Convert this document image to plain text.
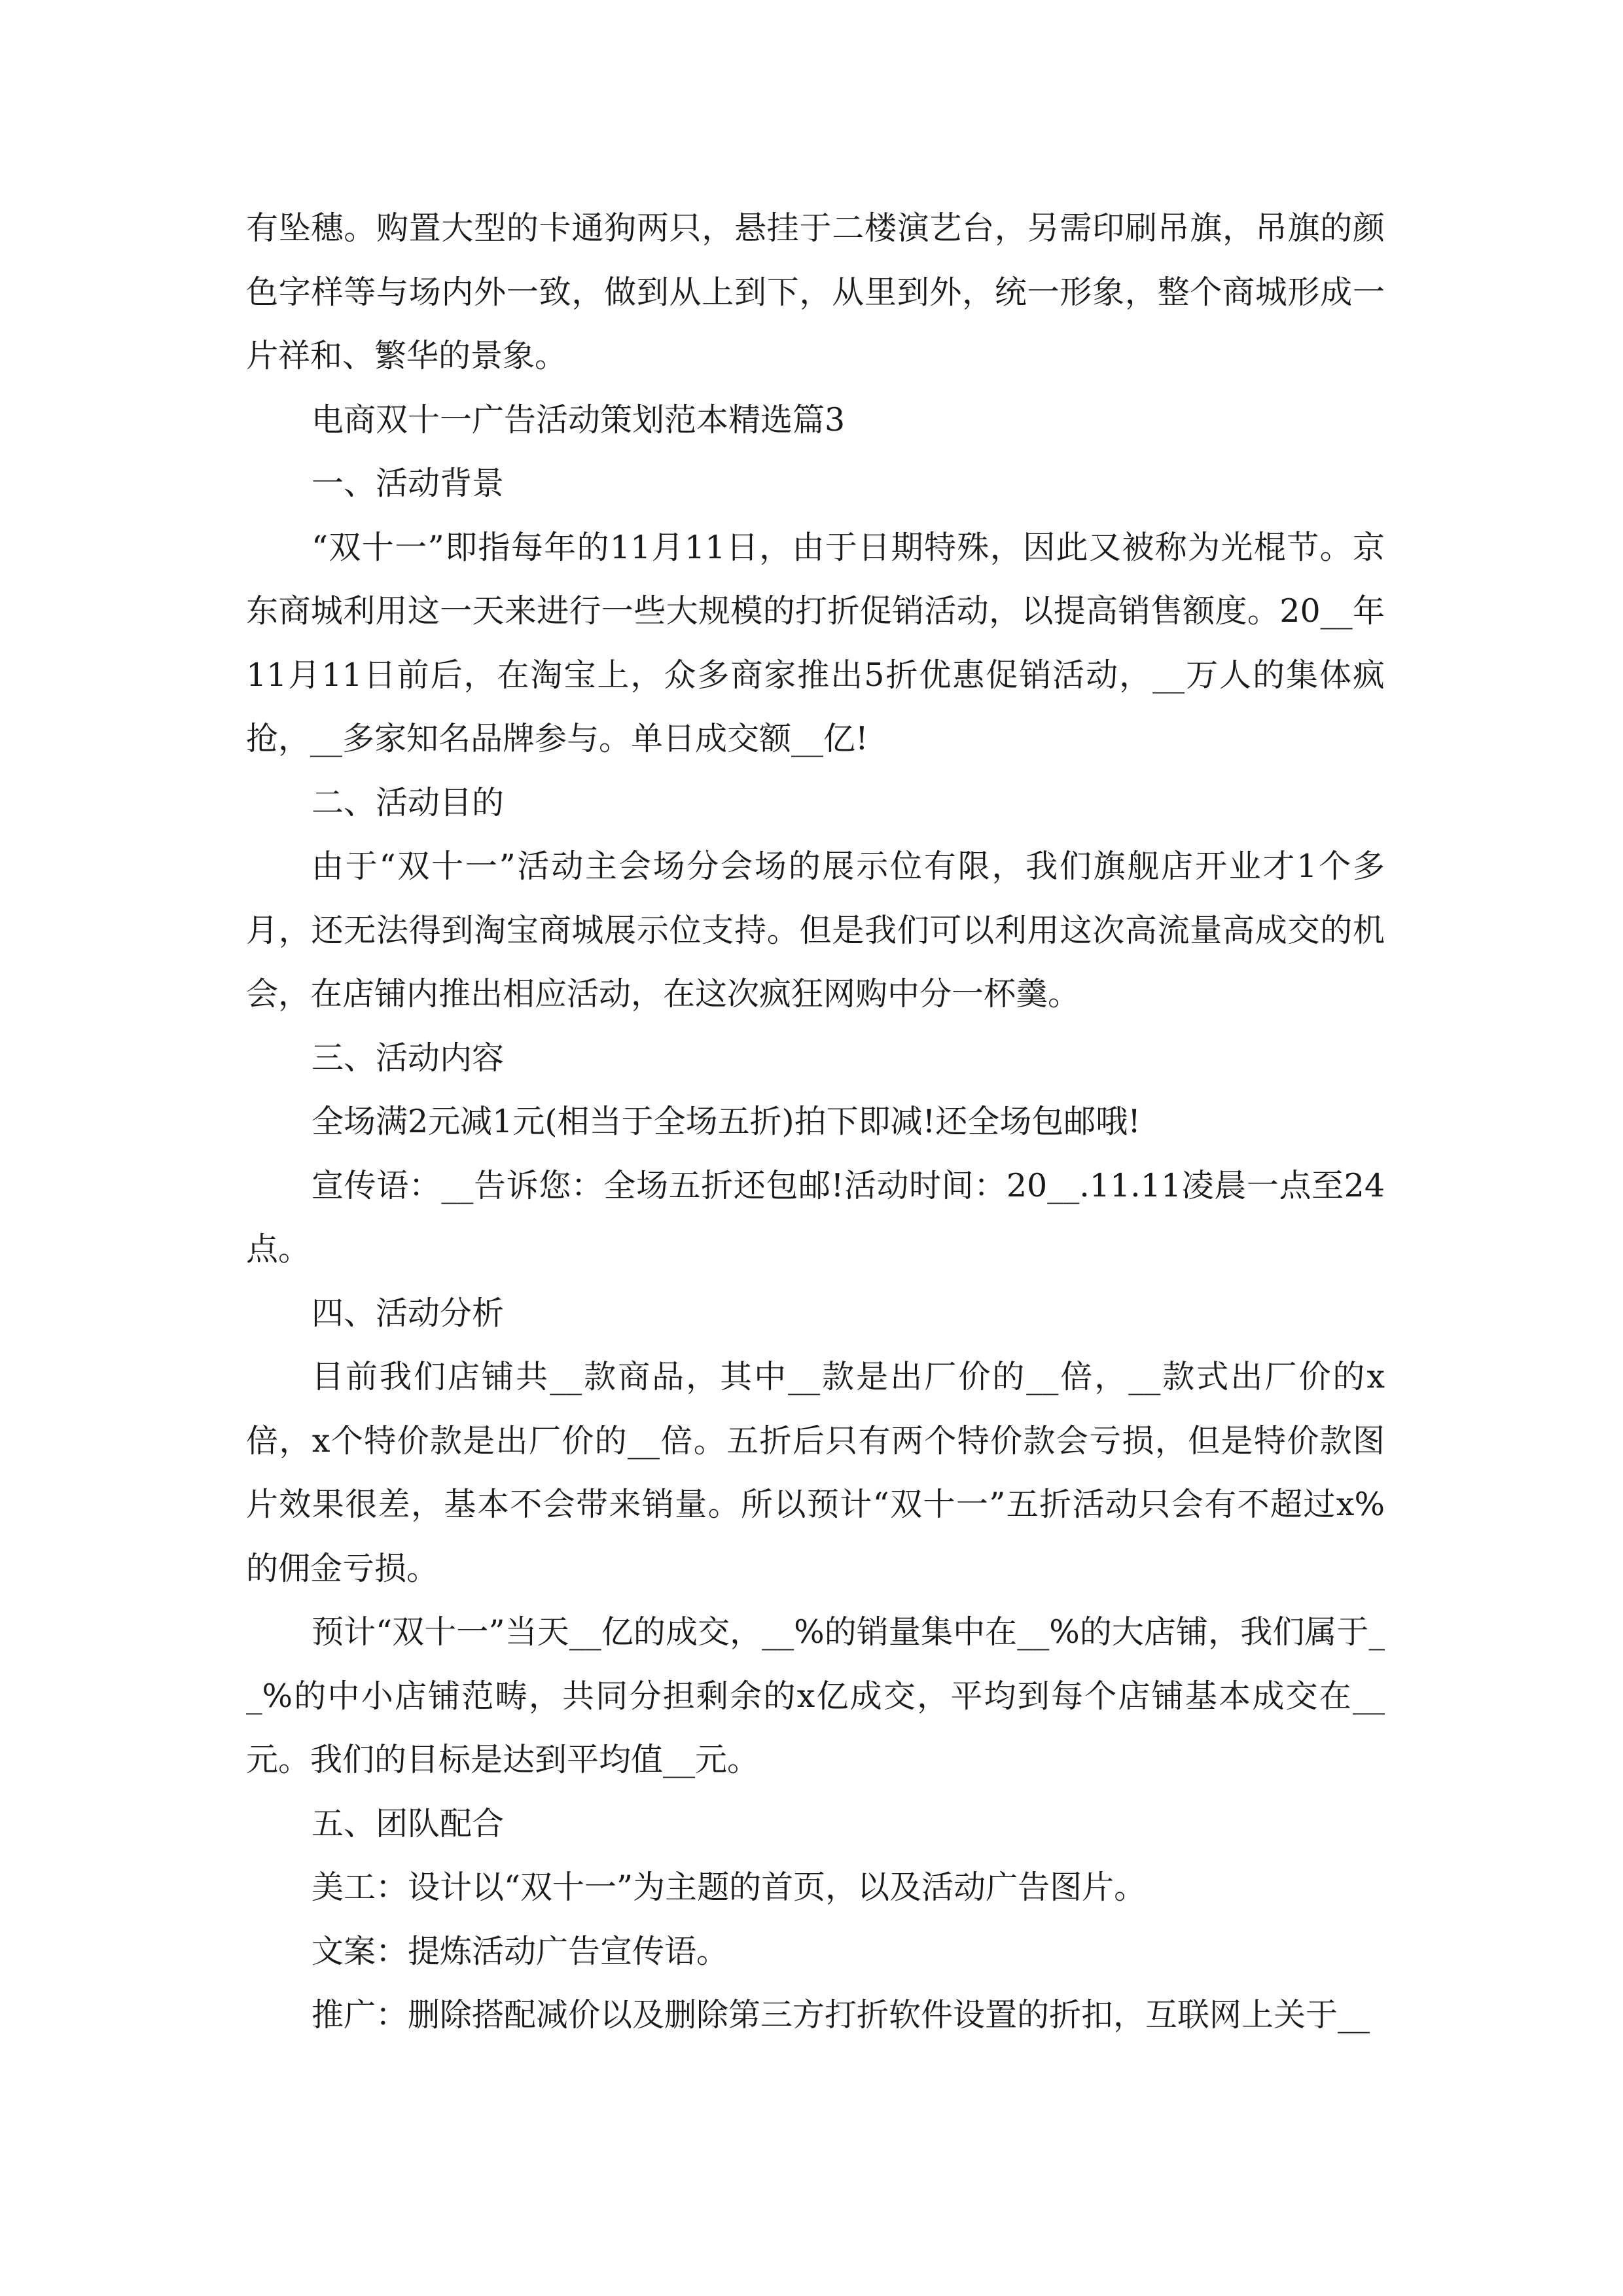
有坠穗。购置大型的卡通狗两只，悬挂于二楼演艺台，另需印刷吊旗，吊旗的颜色字样等与场内外一致，做到从上到下，从里到外，统一形象，整个商城形成一片祥和、繁华的景象。

电商双十一广告活动策划范本精选篇3

一、活动背景

“双十一”即指每年的11月11日，由于日期特殊，因此又被称为光棍节。京东商城利用这一天来进行一些大规模的打折促销活动，以提高销售额度。20__年11月11日前后，在淘宝上，众多商家推出5折优惠促销活动，__万人的集体疯抢，__多家知名品牌参与。单日成交额__亿!

二、活动目的

由于“双十一”活动主会场分会场的展示位有限，我们旗舰店开业才1个多月，还无法得到淘宝商城展示位支持。但是我们可以利用这次高流量高成交的机会，在店铺内推出相应活动，在这次疯狂网购中分一杯羹。

三、活动内容

全场满2元减1元(相当于全场五折)拍下即减!还全场包邮哦!

宣传语：__告诉您：全场五折还包邮!活动时间：20__.11.11凌晨一点至24点。

四、活动分析

目前我们店铺共__款商品，其中__款是出厂价的__倍，__款式出厂价的x倍，x个特价款是出厂价的__倍。五折后只有两个特价款会亏损，但是特价款图片效果很差，基本不会带来销量。所以预计“双十一”五折活动只会有不超过x%的佣金亏损。

预计“双十一”当天__亿的成交，__%的销量集中在__%的大店铺，我们属于__%的中小店铺范畴，共同分担剩余的x亿成交，平均到每个店铺基本成交在__元。我们的目标是达到平均值__元。

五、团队配合

美工：设计以“双十一”为主题的首页，以及活动广告图片。

文案：提炼活动广告宣传语。

推广：删除搭配减价以及删除第三方打折软件设置的折扣，互联网上关于__
